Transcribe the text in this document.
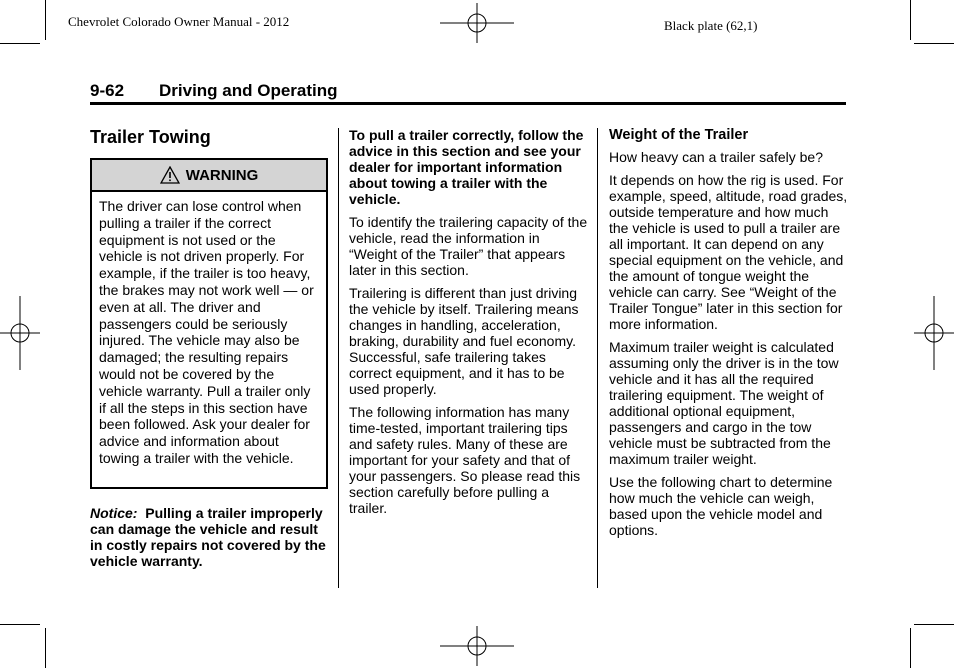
Chevrolet Colorado Owner Manual - 2012	Black plate (62,1)
9-62 Driving and Operating
Trailer Towing
WARNING
The driver can lose control when pulling a trailer if the correct equipment is not used or the vehicle is not driven properly. For example, if the trailer is too heavy, the brakes may not work well — or even at all. The driver and passengers could be seriously injured. The vehicle may also be damaged; the resulting repairs would not be covered by the vehicle warranty. Pull a trailer only if all the steps in this section have been followed. Ask your dealer for advice and information about towing a trailer with the vehicle.

Notice: Pulling a trailer improperly can damage the vehicle and result in costly repairs not covered by the vehicle warranty.

To pull a trailer correctly, follow the advice in this section and see your dealer for important information about towing a trailer with the vehicle.

To identify the trailering capacity of the vehicle, read the information in “Weight of the Trailer” that appears later in this section.

Trailering is different than just driving the vehicle by itself. Trailering means changes in handling, acceleration, braking, durability and fuel economy. Successful, safe trailering takes correct equipment, and it has to be used properly.

The following information has many time-tested, important trailering tips and safety rules. Many of these are important for your safety and that of your passengers. So please read this section carefully before pulling a trailer.

Weight of the Trailer

How heavy can a trailer safely be?

It depends on how the rig is used. For example, speed, altitude, road grades, outside temperature and how much the vehicle is used to pull a trailer are all important. It can depend on any special equipment on the vehicle, and the amount of tongue weight the vehicle can carry. See “Weight of the Trailer Tongue” later in this section for more information.

Maximum trailer weight is calculated assuming only the driver is in the tow vehicle and it has all the required trailering equipment. The weight of additional optional equipment, passengers and cargo in the tow vehicle must be subtracted from the maximum trailer weight.

Use the following chart to determine how much the vehicle can weigh, based upon the vehicle model and options.
